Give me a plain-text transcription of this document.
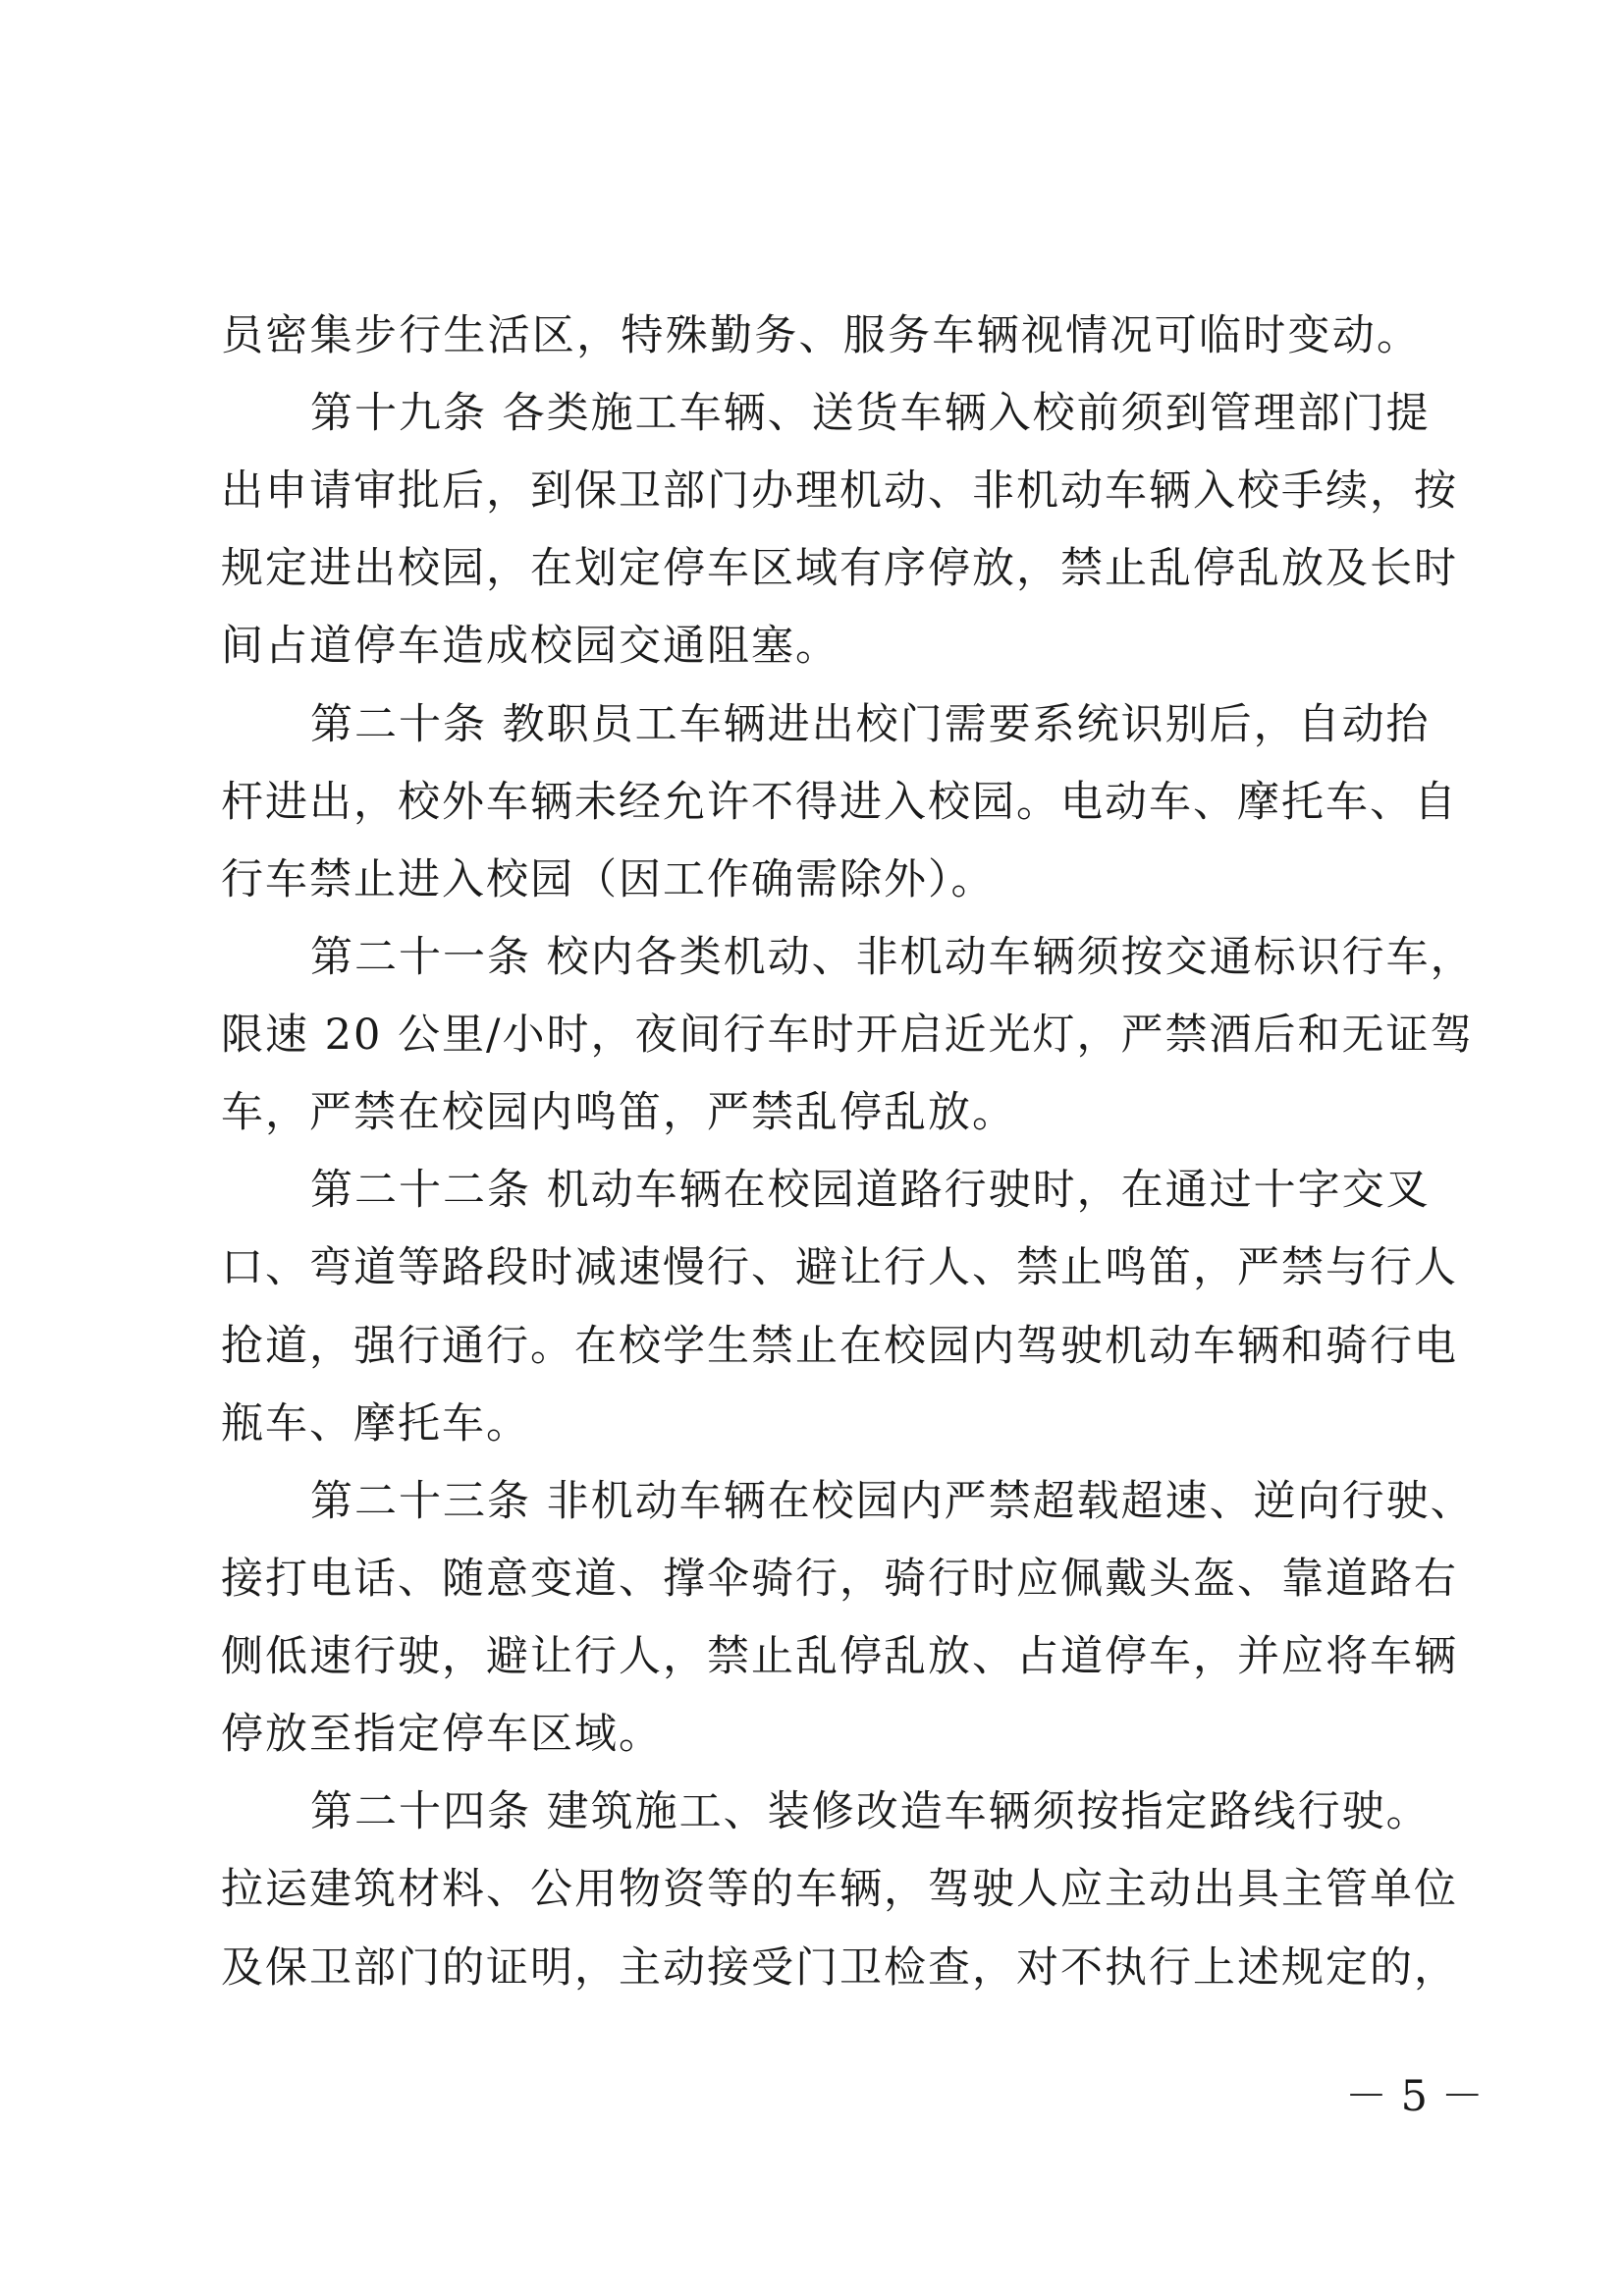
员密集步行生活区，特殊勤务、服务车辆视情况可临时变动。
第十九条 各类施工车辆、送货车辆入校前须到管理部门提
出申请审批后，到保卫部门办理机动、非机动车辆入校手续，按
规定进出校园，在划定停车区域有序停放，禁止乱停乱放及长时
间占道停车造成校园交通阻塞。
第二十条 教职员工车辆进出校门需要系统识别后，自动抬
杆进出，校外车辆未经允许不得进入校园。电动车、摩托车、自
行车禁止进入校园（因工作确需除外）。
第二十一条 校内各类机动、非机动车辆须按交通标识行车，
限速 20 公里/小时，夜间行车时开启近光灯，严禁酒后和无证驾
车，严禁在校园内鸣笛，严禁乱停乱放。
第二十二条 机动车辆在校园道路行驶时，在通过十字交叉
口、弯道等路段时减速慢行、避让行人、禁止鸣笛，严禁与行人
抢道，强行通行。在校学生禁止在校园内驾驶机动车辆和骑行电
瓶车、摩托车。
第二十三条 非机动车辆在校园内严禁超载超速、逆向行驶、
接打电话、随意变道、撑伞骑行，骑行时应佩戴头盔、靠道路右
侧低速行驶，避让行人，禁止乱停乱放、占道停车，并应将车辆
停放至指定停车区域。
第二十四条 建筑施工、装修改造车辆须按指定路线行驶。
拉运建筑材料、公用物资等的车辆，驾驶人应主动出具主管单位
及保卫部门的证明，主动接受门卫检查，对不执行上述规定的，
－ 5 －
